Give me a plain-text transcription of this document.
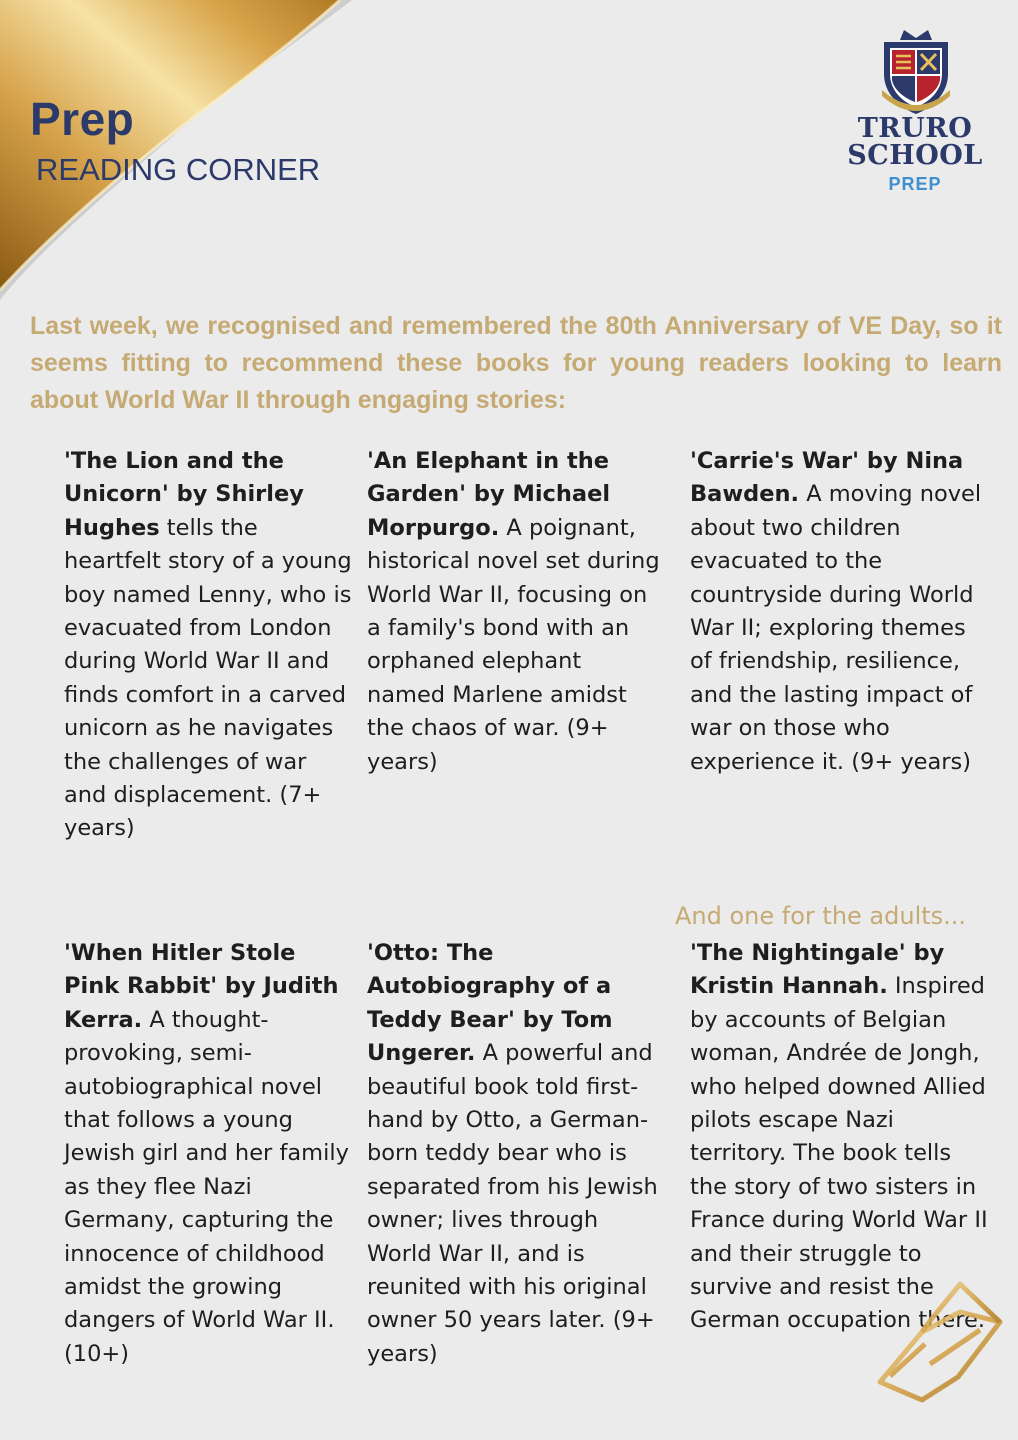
Prep
READING CORNER
TRURO
SCHOOL
PREP
Last week, we recognised and remembered the 80th Anniversary of VE Day, so it seems fitting to recommend these books for young readers looking to learn about World War II through engaging stories:
'The Lion and the Unicorn' by Shirley Hughes tells the heartfelt story of a young boy named Lenny, who is evacuated from London during World War II and finds comfort in a carved unicorn as he navigates the challenges of war and displacement. (7+ years)
'An Elephant in the Garden' by Michael Morpurgo. A poignant, historical novel set during World War II, focusing on a family's bond with an orphaned elephant named Marlene amidst the chaos of war. (9+ years)
'Carrie's War' by Nina Bawden. A moving novel about two children evacuated to the countryside during World War II; exploring themes of friendship, resilience, and the lasting impact of war on those who experience it. (9+ years)
And one for the adults...
'When Hitler Stole Pink Rabbit' by Judith Kerra. A thought-provoking, semi-autobiographical novel that follows a young Jewish girl and her family as they flee Nazi Germany, capturing the innocence of childhood amidst the growing dangers of World War II. (10+)
'Otto: The Autobiography of a Teddy Bear' by Tom Ungerer. A powerful and beautiful book told first-hand by Otto, a German-born teddy bear who is separated from his Jewish owner; lives through World War II, and is reunited with his original owner 50 years later. (9+ years)
'The Nightingale' by Kristin Hannah. Inspired by accounts of Belgian woman, Andrée de Jongh, who helped downed Allied pilots escape Nazi territory. The book tells the story of two sisters in France during World War II and their struggle to survive and resist the German occupation there.
